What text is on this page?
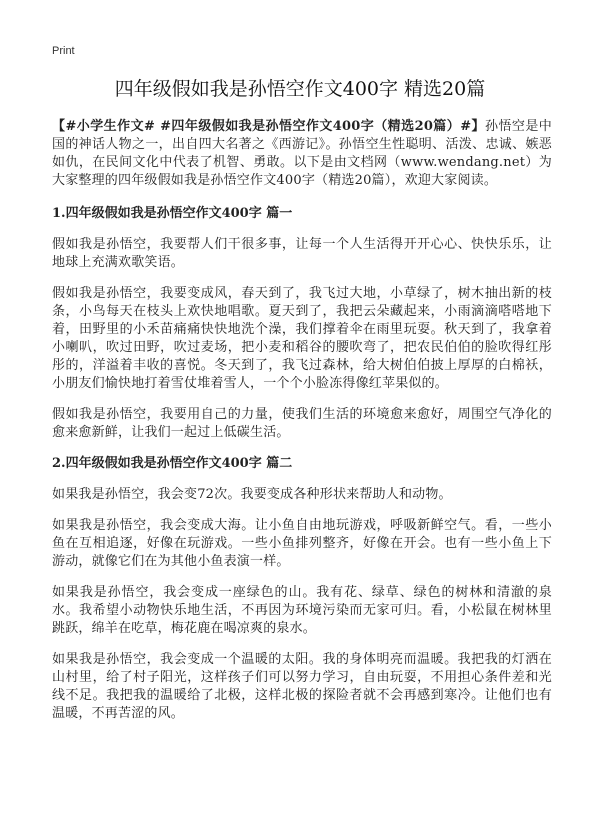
Print
四年级假如我是孙悟空作文400字 精选20篇

【#小学生作文# #四年级假如我是孙悟空作文400字（精选20篇）#】孙悟空是中国的神话人物之一，出自四大名著之《西游记》。孙悟空生性聪明、活泼、忠诚、嫉恶如仇，在民间文化中代表了机智、勇敢。以下是由文档网（www.wendang.net）为大家整理的四年级假如我是孙悟空作文400字（精选20篇），欢迎大家阅读。

1.四年级假如我是孙悟空作文400字 篇一

假如我是孙悟空，我要帮人们干很多事，让每一个人生活得开开心心、快快乐乐，让地球上充满欢歌笑语。

假如我是孙悟空，我要变成风，春天到了，我飞过大地，小草绿了，树木抽出新的枝条，小鸟每天在枝头上欢快地唱歌。夏天到了，我把云朵藏起来，小雨滴滴嗒嗒地下着，田野里的小禾苗痛痛快快地洗个澡，我们撑着伞在雨里玩耍。秋天到了，我拿着小喇叭，吹过田野，吹过麦场，把小麦和稻谷的腰吹弯了，把农民伯伯的脸吹得红彤彤的，洋溢着丰收的喜悦。冬天到了，我飞过森林，给大树伯伯披上厚厚的白棉袄，小朋友们愉快地打着雪仗堆着雪人，一个个小脸冻得像红苹果似的。

假如我是孙悟空，我要用自己的力量，使我们生活的环境愈来愈好，周围空气净化的愈来愈新鲜，让我们一起过上低碳生活。

2.四年级假如我是孙悟空作文400字 篇二

如果我是孙悟空，我会变72次。我要变成各种形状来帮助人和动物。

如果我是孙悟空，我会变成大海。让小鱼自由地玩游戏，呼吸新鲜空气。看，一些小鱼在互相追逐，好像在玩游戏。一些小鱼排列整齐，好像在开会。也有一些小鱼上下游动，就像它们在为其他小鱼表演一样。

如果我是孙悟空，我会变成一座绿色的山。我有花、绿草、绿色的树林和清澈的泉水。我希望小动物快乐地生活，不再因为环境污染而无家可归。看，小松鼠在树林里跳跃，绵羊在吃草，梅花鹿在喝凉爽的泉水。

如果我是孙悟空，我会变成一个温暖的太阳。我的身体明亮而温暖。我把我的灯洒在山村里，给了村子阳光，这样孩子们可以努力学习，自由玩耍，不用担心条件差和光线不足。我把我的温暖给了北极，这样北极的探险者就不会再感到寒冷。让他们也有温暖，不再苦涩的风。
